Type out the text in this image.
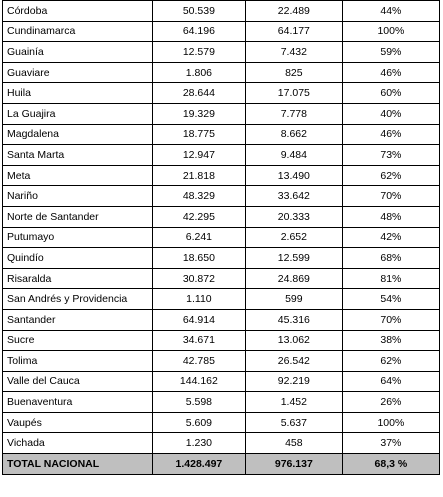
Córdoba	50.539	22.489	44%
Cundinamarca	64.196	64.177	100%
Guainía	12.579	7.432	59%
Guaviare	1.806	825	46%
Huila	28.644	17.075	60%
La Guajira	19.329	7.778	40%
Magdalena	18.775	8.662	46%
Santa Marta	12.947	9.484	73%
Meta	21.818	13.490	62%
Nariño	48.329	33.642	70%
Norte de Santander	42.295	20.333	48%
Putumayo	6.241	2.652	42%
Quindío	18.650	12.599	68%
Risaralda	30.872	24.869	81%
San Andrés y Providencia	1.110	599	54%
Santander	64.914	45.316	70%
Sucre	34.671	13.062	38%
Tolima	42.785	26.542	62%
Valle del Cauca	144.162	92.219	64%
Buenaventura	5.598	1.452	26%
Vaupés	5.609	5.637	100%
Vichada	1.230	458	37%
TOTAL NACIONAL	1.428.497	976.137	68,3 %
